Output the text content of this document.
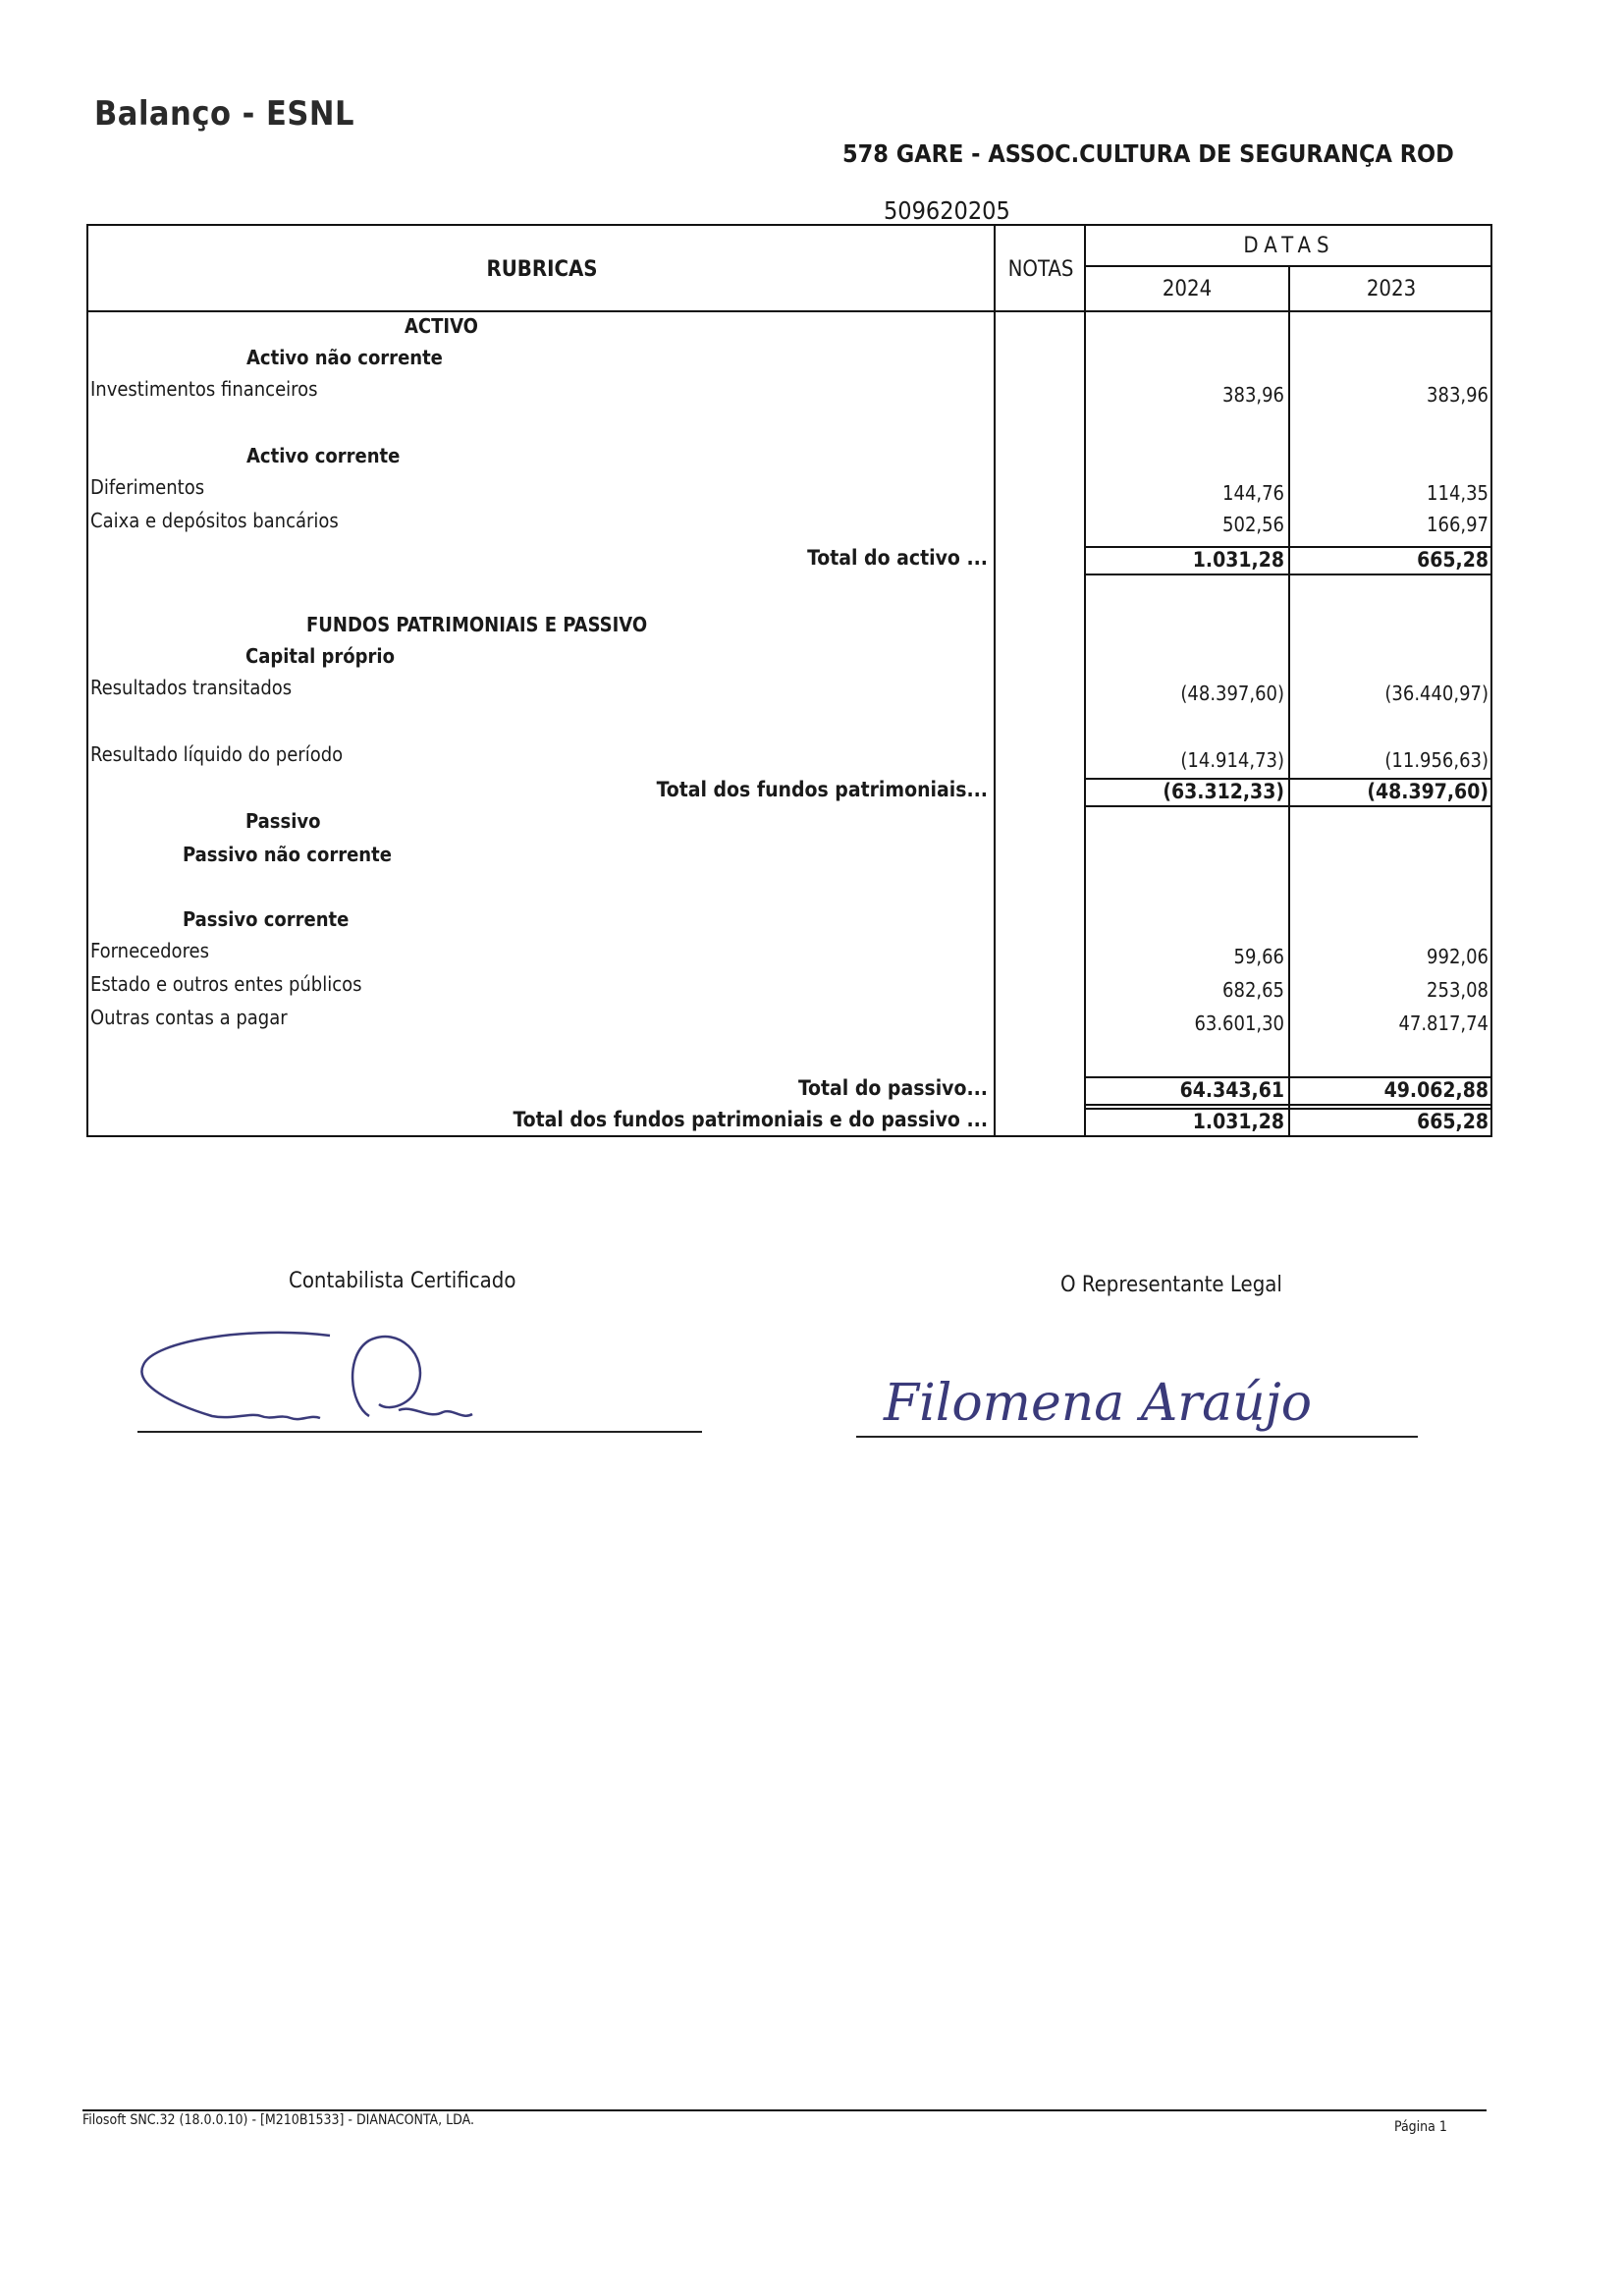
Balanço - ESNL
578 GARE - ASSOC.CULTURA DE SEGURANÇA ROD
509620205
RUBRICAS	NOTAS
DATAS
2024	2023
ACTIVO
Activo não corrente
Investimentos financeiros	383,96	383,96
Activo corrente
Diferimentos	144,76	114,35
Caixa e depósitos bancários	502,56	166,97
Total do activo ...	1.031,28	665,28
FUNDOS PATRIMONIAIS E PASSIVO
Capital próprio
Resultados transitados	(48.397,60)	(36.440,97)
Resultado líquido do período	(14.914,73)	(11.956,63)
Total dos fundos patrimoniais...	(63.312,33)	(48.397,60)
Passivo
Passivo não corrente
Passivo corrente
Fornecedores	59,66	992,06
Estado e outros entes públicos	682,65	253,08
Outras contas a pagar	63.601,30	47.817,74
Total do passivo...	64.343,61	49.062,88
Total dos fundos patrimoniais e do passivo ...	1.031,28	665,28
Contabilista Certificado	O Representante Legal
Filomena Araújo
Filosoft SNC.32 (18.0.0.10) - [M210B1533] - DIANACONTA, LDA.	Página 1
